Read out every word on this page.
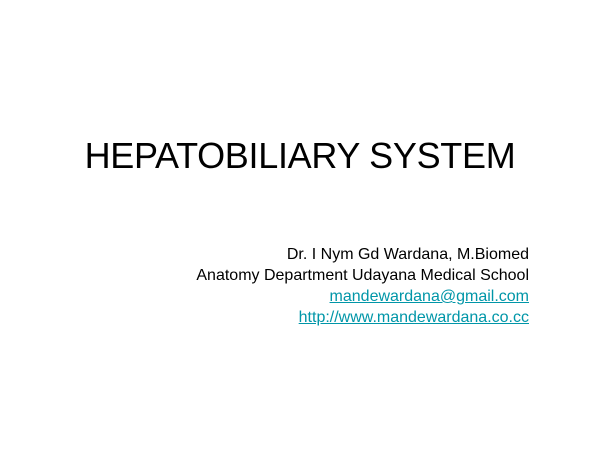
HEPATOBILIARY SYSTEM
Dr. I Nym Gd Wardana, M.Biomed
Anatomy Department Udayana Medical School
mandewardana@gmail.com
http://www.mandewardana.co.cc
